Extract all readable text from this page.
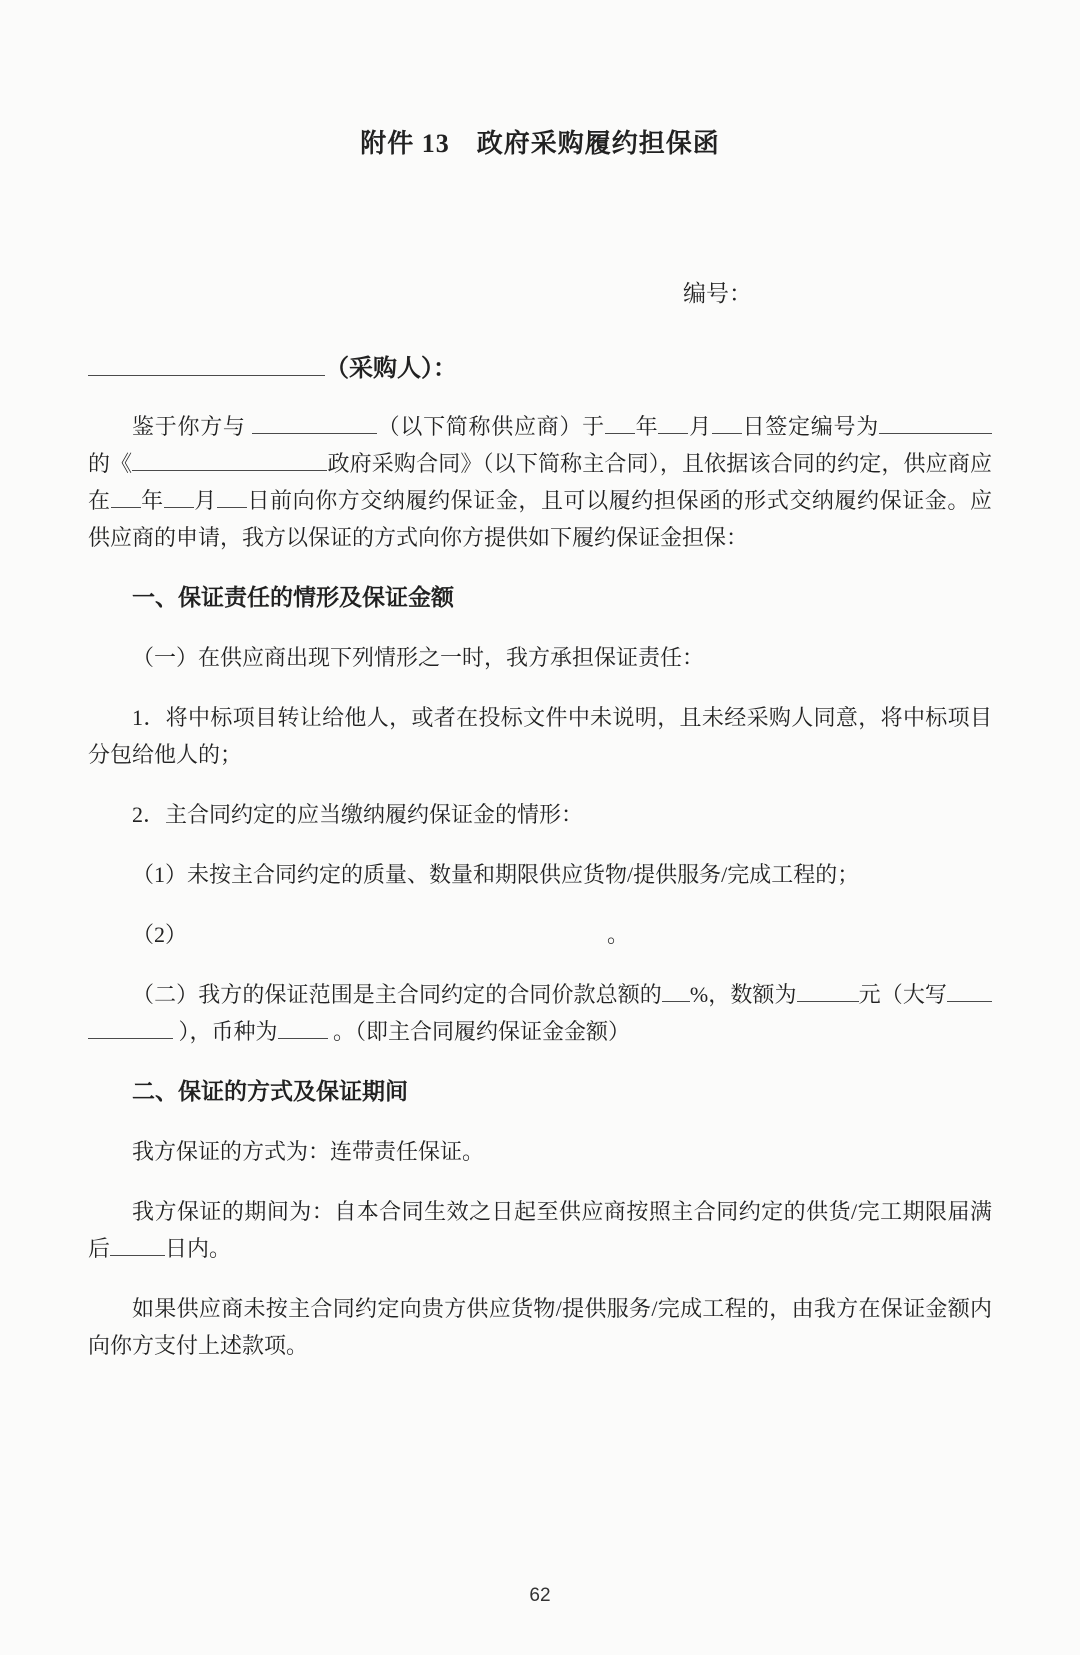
附件 13　政府采购履约担保函
编号：
（采购人）：
鉴于你方与	（以下简称供应商）于 年 月 日签定编号为的《	政府采购合同》（以下简称主合同），且依据该合同的约定，供应商应在 年 月 日前向你方交纳履约保证金，且可以履约担保函的形式交纳履约保证金。应供应商的申请，我方以保证的方式向你方提供如下履约保证金担保：
一、保证责任的情形及保证金额
（一）在供应商出现下列情形之一时，我方承担保证责任：
1．将中标项目转让给他人，或者在投标文件中未说明，且未经采购人同意，将中标项目分包给他人的；
2．主合同约定的应当缴纳履约保证金的情形：
（1）未按主合同约定的质量、数量和期限供应货物/提供服务/完成工程的；
（2）	。
（二）我方的保证范围是主合同约定的合同价款总额的 %，数额为	元（大写 ），币种为 。（即主合同履约保证金金额）
二、保证的方式及保证期间
我方保证的方式为：连带责任保证。
我方保证的期间为：自本合同生效之日起至供应商按照主合同约定的供货/完工期限届满后	日内。
如果供应商未按主合同约定向贵方供应货物/提供服务/完成工程的，由我方在保证金额内向你方支付上述款项。
62
